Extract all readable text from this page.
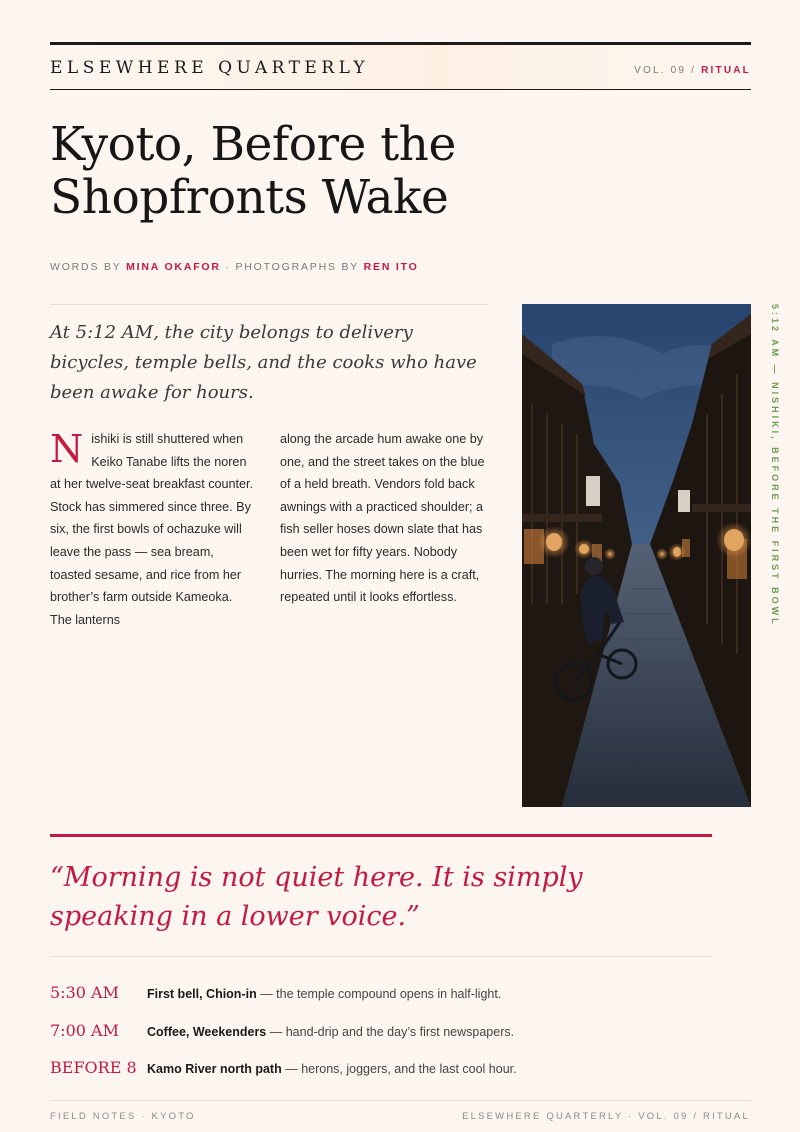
ELSEWHERE QUARTERLY	VOL. 09 / RITUAL
Kyoto, Before the
Shopfronts Wake
WORDS BY MINA OKAFOR · PHOTOGRAPHS BY REN ITO

At 5:12 AM, the city belongs to delivery bicycles, temple bells, and the cooks who have been awake for hours.

Nishiki is still shuttered when Keiko Tanabe lifts the noren at her twelve-seat breakfast counter. Stock has simmered since three. By six, the first bowls of ochazuke will leave the pass — sea bream, toasted sesame, and rice from her brother’s farm outside Kameoka. The lanterns

along the arcade hum awake one by one, and the street takes on the blue of a held breath. Vendors fold back awnings with a practiced shoulder; a fish seller hoses down slate that has been wet for fifty years. Nobody hurries. The morning here is a craft, repeated until it looks effortless.	5:12 AM — NISHIKI, BEFORE THE FIRST BOWL

“Morning is not quiet here. It is simply speaking in a lower voice.”

5:30 AM First bell, Chion-in — the temple compound opens in half-light.
7:00 AM Coffee, Weekenders — hand-drip and the day’s first newspapers.
BEFORE 8 Kamo River north path — herons, joggers, and the last cool hour.
FIELD NOTES · KYOTO	ELSEWHERE QUARTERLY · VOL. 09 / RITUAL
